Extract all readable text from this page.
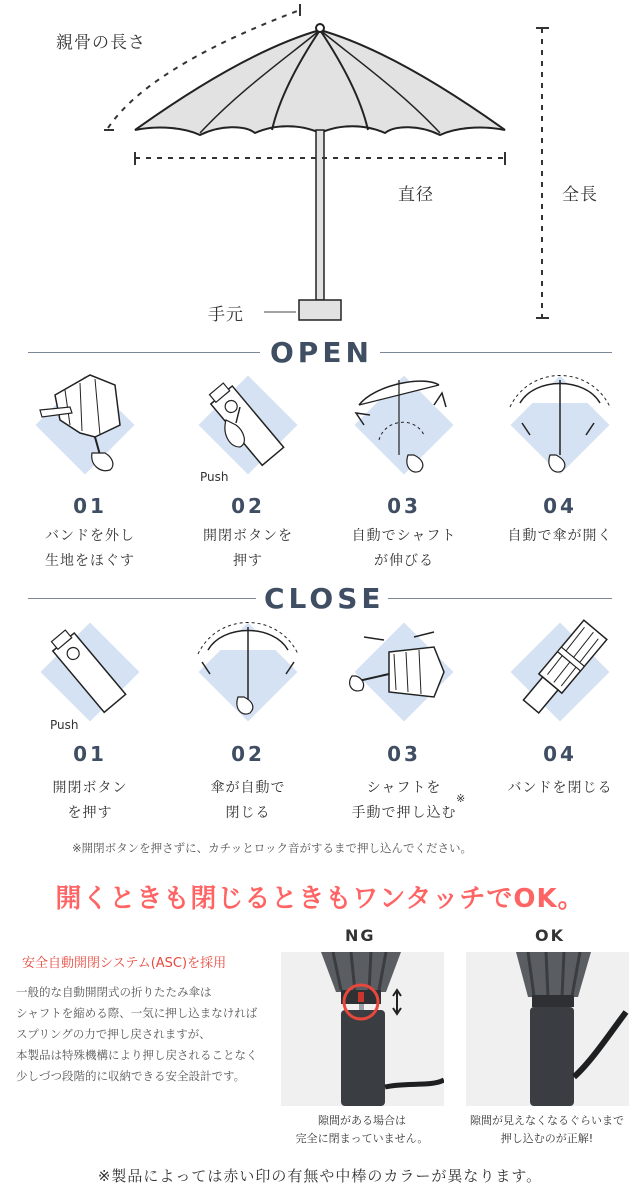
親骨の長さ
直径	全長
手元
OPEN
01
バンドを外し
生地をほぐす
Push
02
開閉ボタンを
押す
03
自動でシャフト
が伸びる
04
自動で傘が開く
CLOSE
Push
01
開閉ボタン
を押す
02
傘が自動で
閉じる
03
シャフトを
手動で押し込む
※
04
バンドを閉じる
※開閉ボタンを押さずに、カチッとロック音がするまで押し込んでください。
開くときも閉じるときもワンタッチでOK。
安全自動開閉システム(ASC)を採用
一般的な自動開閉式の折りたたみ傘は
シャフトを縮める際、一気に押し込まなければ
スプリングの力で押し戻されますが、
本製品は特殊機構により押し戻されることなく
少しづつ段階的に収納できる安全設計です。
NG	OK
隙間がある場合は
完全に閉まっていません。
隙間が見えなくなるぐらいまで
押し込むのが正解!
※製品によっては赤い印の有無や中棒のカラーが異なります。
